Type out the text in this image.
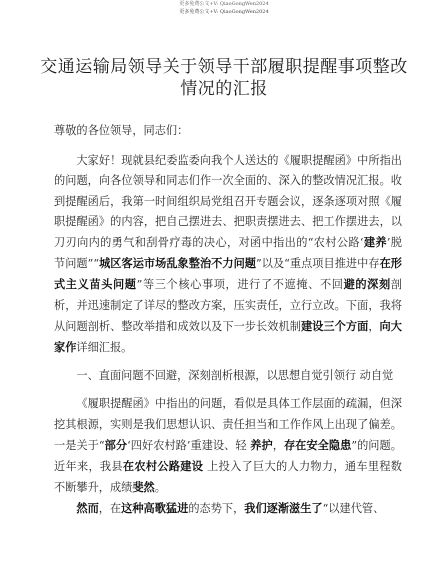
更多免费公文+V: QiaoGongWen2024
更多免费公文+V: QiaoGongWen2024
交通运输局领导关于领导干部履职提醒事项整改情况的汇报

尊敬的各位领导，同志们：

大家好！现就县纪委监委向我个人送达的《履职提醒函》中所指出的问题，向各位领导和同志们作一次全面的、深入的整改情况汇报。收到提醒函后，我第一时间组织局党组召开专题会议，逐条逐项对照《履职提醒函》的内容，把自己摆进去、把职责摆进去、把工作摆进去，以刀刃向内的勇气和刮骨疗毒的决心，对函中指出的“农村公路‘建养’脱节问题”“城区客运市场乱象整治不力问题”以及“重点项目推进中存在形式主义苗头问题”等三个核心事项，进行了不遮掩、不回避的深刻剖析，并迅速制定了详尽的整改方案，压实责任，立行立改。下面，我将从问题剖析、整改举措和成效以及下一步长效机制建设三个方面，向大家作详细汇报。

一、直面问题不回避，深刻剖析根源，以思想自觉引领行 动自觉

《履职提醒函》中指出的问题，看似是具体工作层面的疏漏，但深挖其根源，实则是我们思想认识、责任担当和工作作风上出现了偏差。一是关于“部分‘四好农村路’重建设、轻 养护，存在安全隐患”的问题。近年来，我县在农村公路建设 上投入了巨大的人力物力，通车里程数不断攀升，成绩斐然。

然而，在这种高歌猛进的态势下，我们逐渐滋生了“以建代管、
